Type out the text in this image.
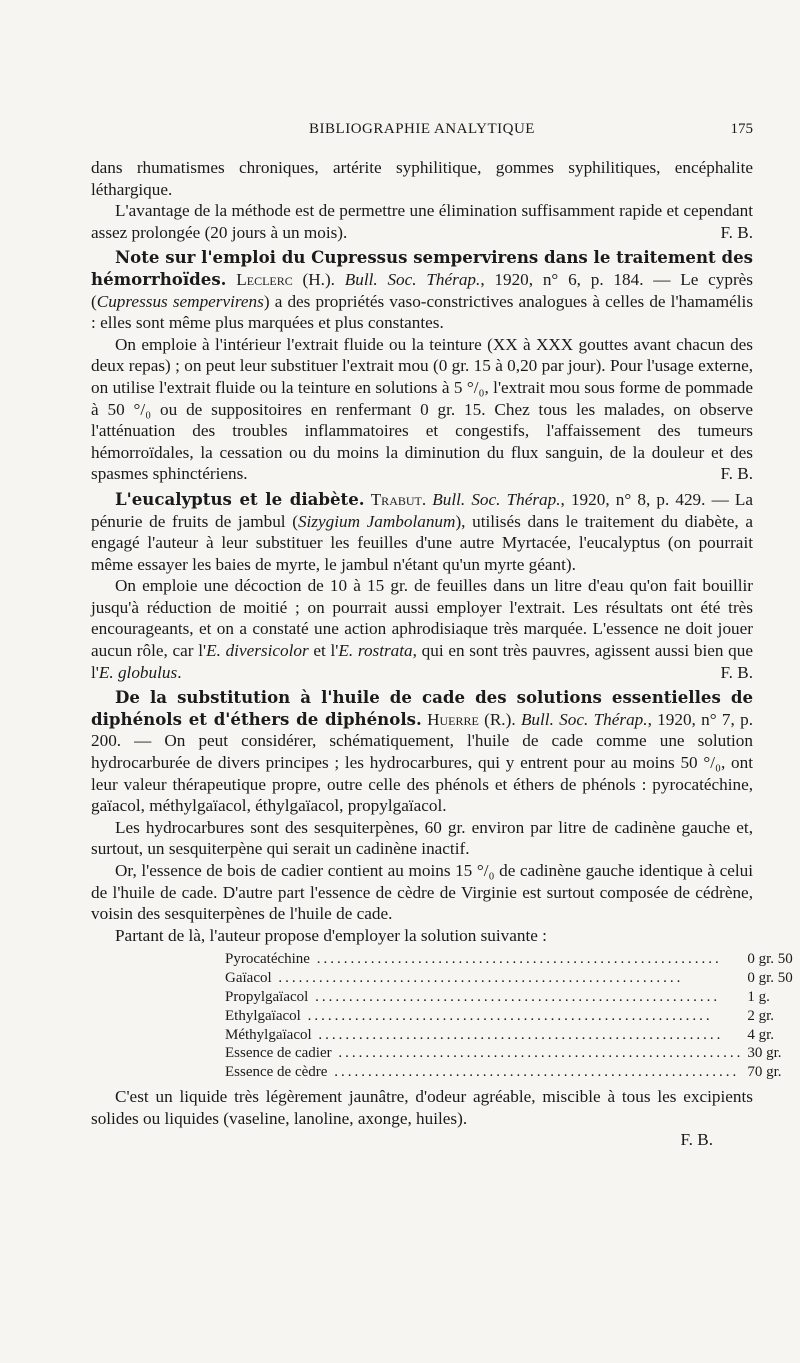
BIBLIOGRAPHIE ANALYTIQUE	175

dans rhumatismes chroniques, artérite syphilitique, gommes syphilitiques, encéphalite léthargique.

L'avantage de la méthode est de permettre une élimination suffisamment rapide et cependant assez prolongée (20 jours à un mois).	F. B.

Note sur l'emploi du Cupressus sempervirens dans le traitement des hémorrhoïdes. Leclerc (H.). Bull. Soc. Thérap., 1920, n° 6, p. 184. — Le cyprès (Cupressus sempervirens) a des propriétés vaso-constrictives analogues à celles de l'hamamélis : elles sont même plus marquées et plus constantes.

On emploie à l'intérieur l'extrait fluide ou la teinture (XX à XXX gouttes avant chacun des deux repas) ; on peut leur substituer l'extrait mou (0 gr. 15 à 0,20 par jour). Pour l'usage externe, on utilise l'extrait fluide ou la teinture en solutions à 5 °/₀, l'extrait mou sous forme de pommade à 50 °/₀ ou de suppositoires en renfermant 0 gr. 15. Chez tous les malades, on observe l'atténuation des troubles inflammatoires et congestifs, l'affaissement des tumeurs hémorroïdales, la cessation ou du moins la diminution du flux sanguin, de la douleur et des spasmes sphinctériens.	F. B.

L'eucalyptus et le diabète. Trabut. Bull. Soc. Thérap., 1920, n° 8, p. 429. — La pénurie de fruits de jambul (Sizygium Jambolanum), utilisés dans le traitement du diabète, a engagé l'auteur à leur substituer les feuilles d'une autre Myrtacée, l'eucalyptus (on pourrait même essayer les baies de myrte, le jambul n'étant qu'un myrte géant).

On emploie une décoction de 10 à 15 gr. de feuilles dans un litre d'eau qu'on fait bouillir jusqu'à réduction de moitié ; on pourrait aussi employer l'extrait. Les résultats ont été très encourageants, et on a constaté une action aphrodisiaque très marquée. L'essence ne doit jouer aucun rôle, car l'E. diversicolor et l'E. rostrata, qui en sont très pauvres, agissent aussi bien que l'E. globulus.	F. B.

De la substitution à l'huile de cade des solutions essentielles de diphénols et d'éthers de diphénols. Huerre (R.). Bull. Soc. Thérap., 1920, n° 7, p. 200. — On peut considérer, schématiquement, l'huile de cade comme une solution hydrocarburée de divers principes ; les hydrocarbures, qui y entrent pour au moins 50 °/₀, ont leur valeur thérapeutique propre, outre celle des phénols et éthers de phénols : pyrocatéchine, gaïacol, méthylgaïacol, éthylgaïacol, propylgaïacol.

Les hydrocarbures sont des sesquiterpènes, 60 gr. environ par litre de cadinène gauche et, surtout, un sesquiterpène qui serait un cadinène inactif.

Or, l'essence de bois de cadier contient au moins 15 °/₀ de cadinène gauche identique à celui de l'huile de cade. D'autre part l'essence de cèdre de Virginie est surtout composée de cédrène, voisin des sesquiterpènes de l'huile de cade.

Partant de là, l'auteur propose d'employer la solution suivante :

Pyrocatéchine ............................................................	0 gr. 50
Gaïacol ............................................................	0 gr. 50
Propylgaïacol ............................................................	1 g.
Ethylgaïacol ............................................................	2 gr.
Méthylgaïacol ............................................................	4 gr.
Essence de cadier ............................................................	30 gr.
Essence de cèdre ............................................................	70 gr.

C'est un liquide très légèrement jaunâtre, d'odeur agréable, miscible à tous les excipients solides ou liquides (vaseline, lanoline, axonge, huiles).

F. B.
